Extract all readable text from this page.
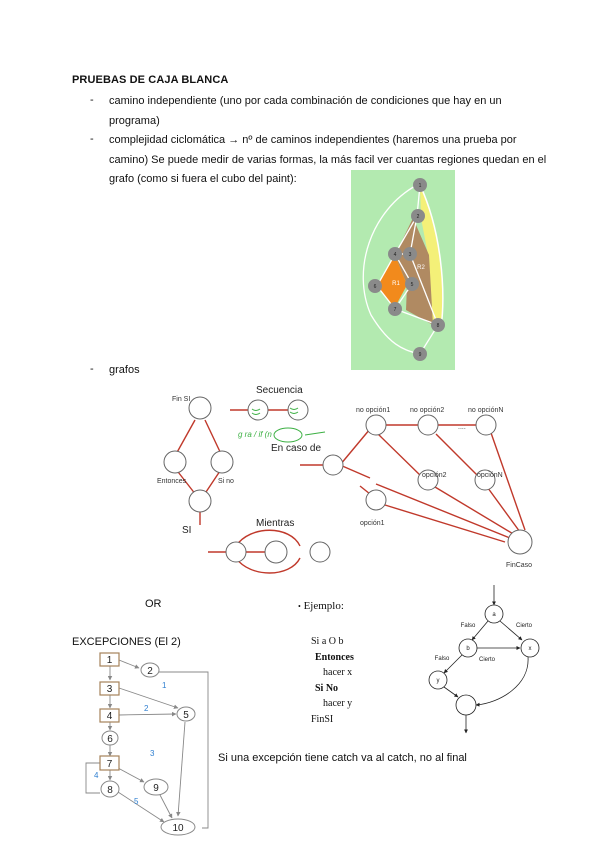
PRUEBAS DE CAJA BLANCA
- camino independiente (uno por cada combinación de condiciones que hay en un programa)
- complejidad ciclomática → nº de caminos independientes (haremos una prueba por camino) Se puede medir de varias formas, la más facil ver cuantas regiones quedan en el grafo (como si fuera el cubo del paint):
- grafos
1
2
3
4
5
6
7
8
9
R2
R1
g ra / if (n
Fin SI
Entonces	Si no
no opción1	no opción2	no opciónN
opción2	opciónN
opción1
FinCaso
....
SI
Secuencia
En caso de
Mientras
OR	• Ejemplo:
Si a O b
Entonces
hacer x
Si No
hacer y
FinSI
a
b	x
y
Falso	Cierto
Falso	Cierto
EXCEPCIONES (El 2)
1
2
3
4	5
6
7
8	9
10
1
2
3
4
5
Si una excepción tiene catch va al catch, no al final
